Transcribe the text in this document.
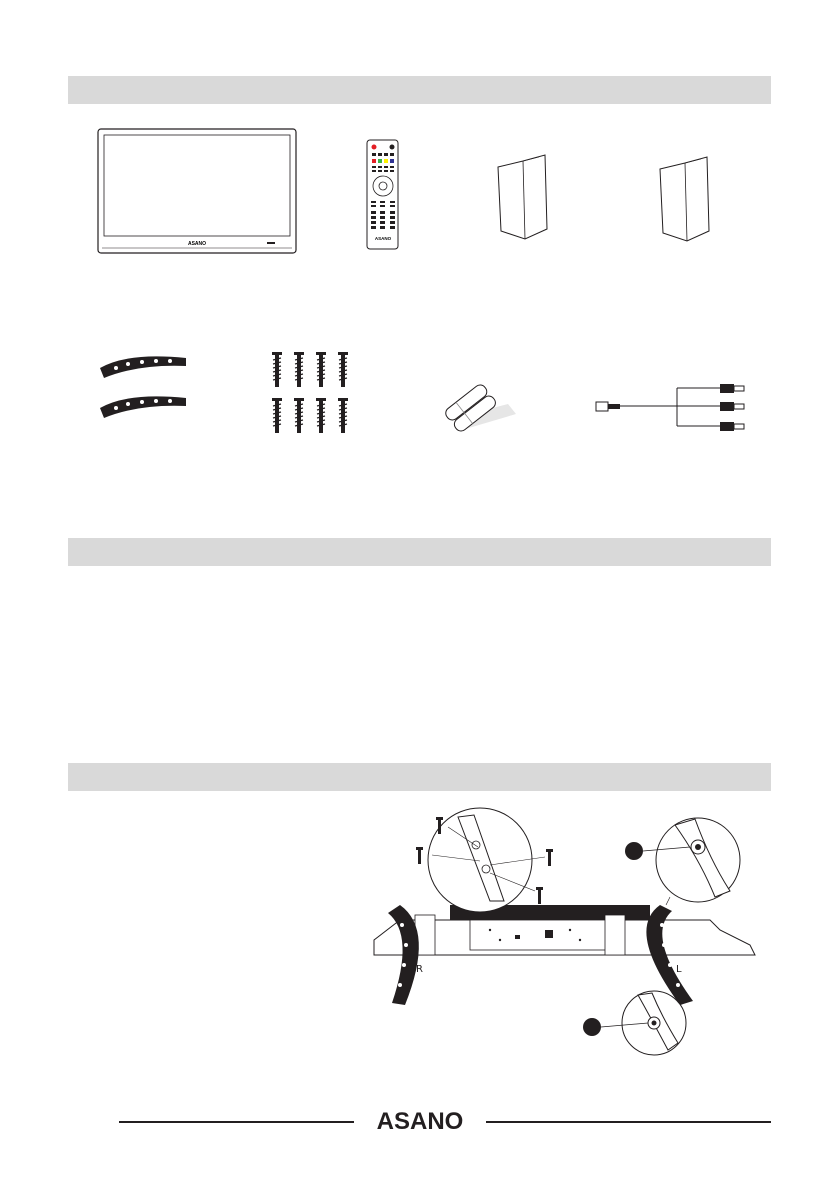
ASANO
ASANO
R	L
ASANO
